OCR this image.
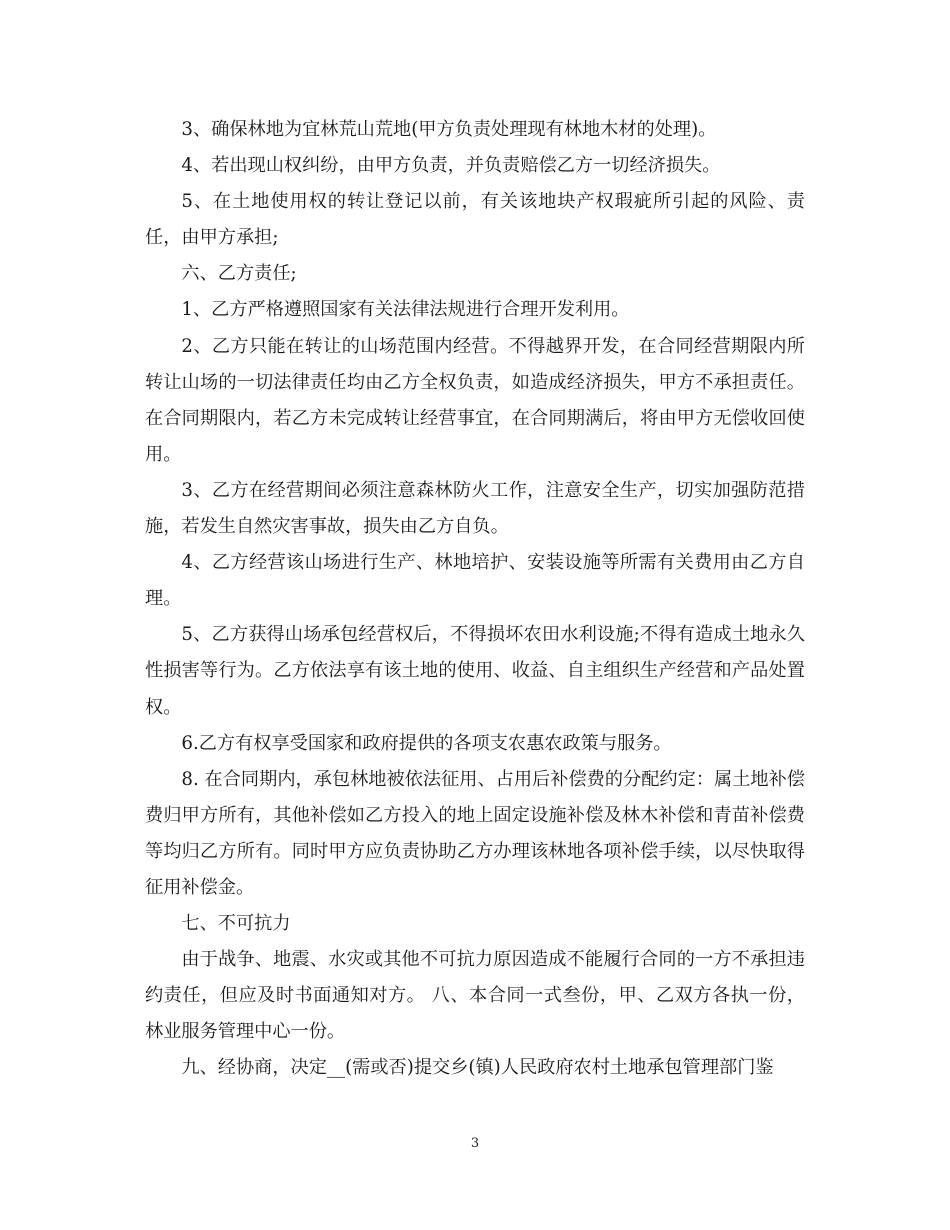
3、确保林地为宜林荒山荒地(甲方负责处理现有林地木材的处理)。

4、若出现山权纠纷，由甲方负责，并负责赔偿乙方一切经济损失。

5、在土地使用权的转让登记以前，有关该地块产权瑕疵所引起的风险、责任，由甲方承担;

六、乙方责任;

1、乙方严格遵照国家有关法律法规进行合理开发利用。

2、乙方只能在转让的山场范围内经营。不得越界开发，在合同经营期限内所转让山场的一切法律责任均由乙方全权负责，如造成经济损失，甲方不承担责任。在合同期限内，若乙方未完成转让经营事宜，在合同期满后，将由甲方无偿收回使用。

3、乙方在经营期间必须注意森林防火工作，注意安全生产，切实加强防范措施，若发生自然灾害事故，损失由乙方自负。

4、乙方经营该山场进行生产、林地培护、安装设施等所需有关费用由乙方自理。

5、乙方获得山场承包经营权后，不得损坏农田水利设施;不得有造成土地永久性损害等行为。乙方依法享有该土地的使用、收益、自主组织生产经营和产品处置权。

6.乙方有权享受国家和政府提供的各项支农惠农政策与服务。

8. 在合同期内，承包林地被依法征用、占用后补偿费的分配约定：属土地补偿费归甲方所有，其他补偿如乙方投入的地上固定设施补偿及林木补偿和青苗补偿费等均归乙方所有。同时甲方应负责协助乙方办理该林地各项补偿手续，以尽快取得征用补偿金。

七、不可抗力

由于战争、地震、水灾或其他不可抗力原因造成不能履行合同的一方不承担违约责任，但应及时书面通知对方。 八、本合同一式叁份，甲、乙双方各执一份，林业服务管理中心一份。

九、经协商，决定__(需或否)提交乡(镇)人民政府农村土地承包管理部门鉴

3
